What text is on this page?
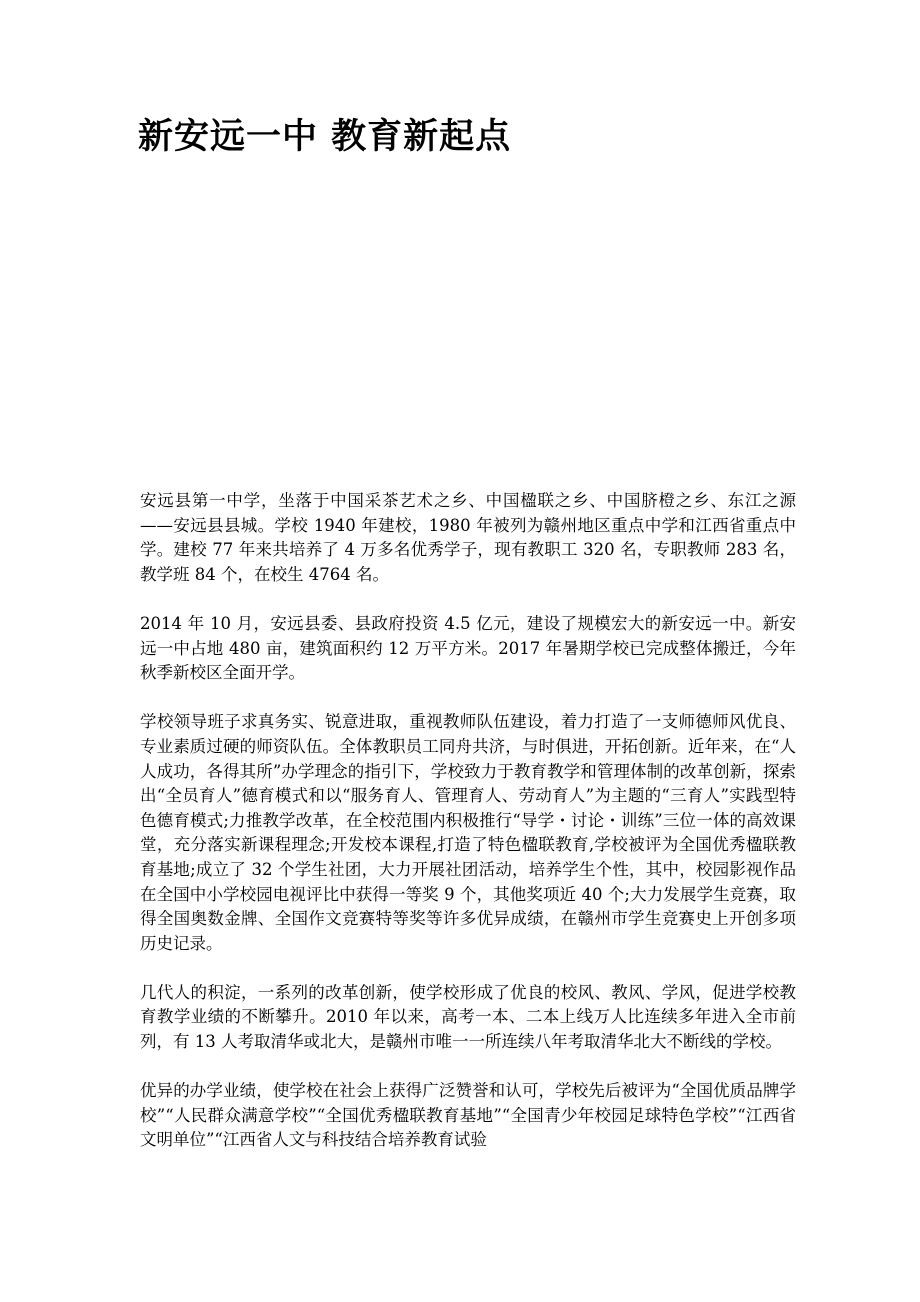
新安远一中 教育新起点

安远县第一中学，坐落于中国采茶艺术之乡、中国楹联之乡、中国脐橙之乡、东江之源——安远县县城。学校 1940 年建校，1980 年被列为赣州地区重点中学和江西省重点中学。建校 77 年来共培养了 4 万多名优秀学子，现有教职工 320 名，专职教师 283 名，教学班 84 个，在校生 4764 名。

2014 年 10 月，安远县委、县政府投资 4.5 亿元，建设了规模宏大的新安远一中。新安远一中占地 480 亩，建筑面积约 12 万平方米。2017 年暑期学校已完成整体搬迁，今年秋季新校区全面开学。

学校领导班子求真务实、锐意进取，重视教师队伍建设，着力打造了一支师德师风优良、专业素质过硬的师资队伍。全体教职员工同舟共济，与时俱进，开拓创新。近年来，在“人人成功，各得其所”办学理念的指引下，学校致力于教育教学和管理体制的改革创新，探索出“全员育人”德育模式和以“服务育人、管理育人、劳动育人”为主题的“三育人”实践型特色德育模式;力推教学改革，在全校范围内积极推行“导学・讨论・训练”三位一体的高效课堂，充分落实新课程理念;开发校本课程,打造了特色楹联教育,学校被评为全国优秀楹联教育基地;成立了 32 个学生社团，大力开展社团活动，培养学生个性，其中，校园影视作品在全国中小学校园电视评比中获得一等奖 9 个，其他奖项近 40 个;大力发展学生竞赛，取得全国奥数金牌、全国作文竞赛特等奖等许多优异成绩，在赣州市学生竞赛史上开创多项历史记录。

几代人的积淀，一系列的改革创新，使学校形成了优良的校风、教风、学风，促进学校教育教学业绩的不断攀升。2010 年以来，高考一本、二本上线万人比连续多年进入全市前列，有 13 人考取清华或北大，是赣州市唯一一所连续八年考取清华北大不断线的学校。

优异的办学业绩，使学校在社会上获得广泛赞誉和认可，学校先后被评为“全国优质品牌学校”“人民群众满意学校”“全国优秀楹联教育基地”“全国青少年校园足球特色学校”“江西省文明单位”“江西省人文与科技结合培养教育试验
